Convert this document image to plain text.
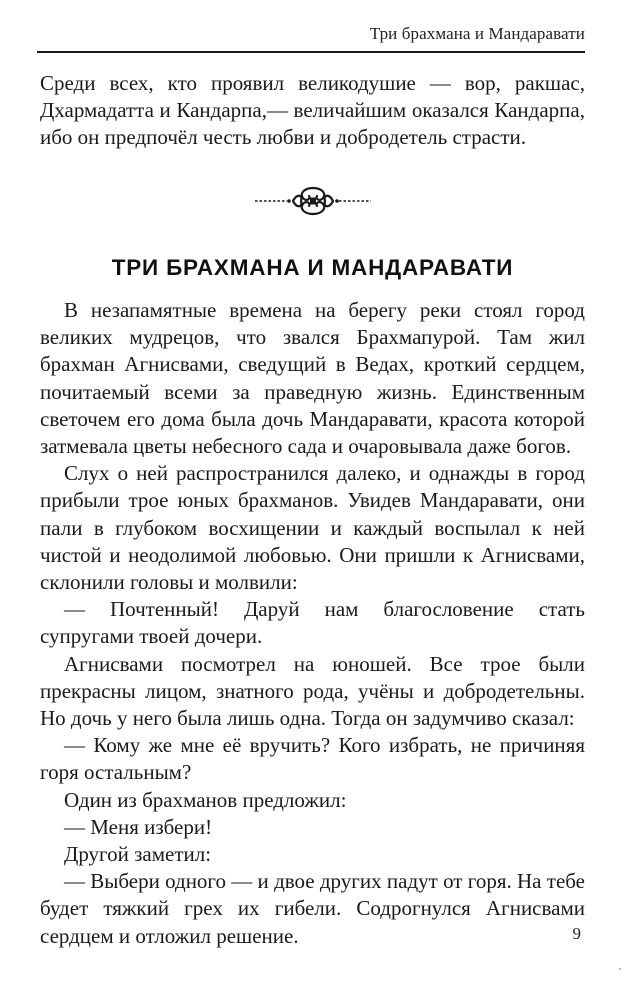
Три брахмана и Мандаравати

Среди всех, кто проявил великодушие — вор, ракшас, Дхармадатта и Кандарпа,— величайшим оказался Кандарпа, ибо он предпочёл честь любви и добродетель страсти.

ТРИ БРАХМАНА И МАНДАРАВАТИ

В незапамятные времена на берегу реки стоял город великих мудрецов, что звался Брахмапурой. Там жил брахман Агнисвами, сведущий в Ведах, кроткий сердцем, почитаемый всеми за праведную жизнь. Единственным светочем его дома была дочь Мандаравати, красота которой затмевала цветы небесного сада и очаровывала даже богов.

Слух о ней распространился далеко, и однажды в город прибыли трое юных брахманов. Увидев Мандаравати, они пали в глубоком восхищении и каждый воспылал к ней чистой и неодолимой любовью. Они пришли к Агнисвами, склонили головы и молвили:

— Почтенный! Даруй нам благословение стать супругами твоей дочери.

Агнисвами посмотрел на юношей. Все трое были прекрасны лицом, знатного рода, учёны и добродетельны. Но дочь у него была лишь одна. Тогда он задумчиво сказал:

— Кому же мне её вручить? Кого избрать, не причиняя горя остальным?

Один из брахманов предложил:

— Меня избери!

Другой заметил:

— Выбери одного — и двое других падут от горя. На тебе будет тяжкий грех их гибели. Содрогнулся Агнисвами сердцем и отложил решение.	9
